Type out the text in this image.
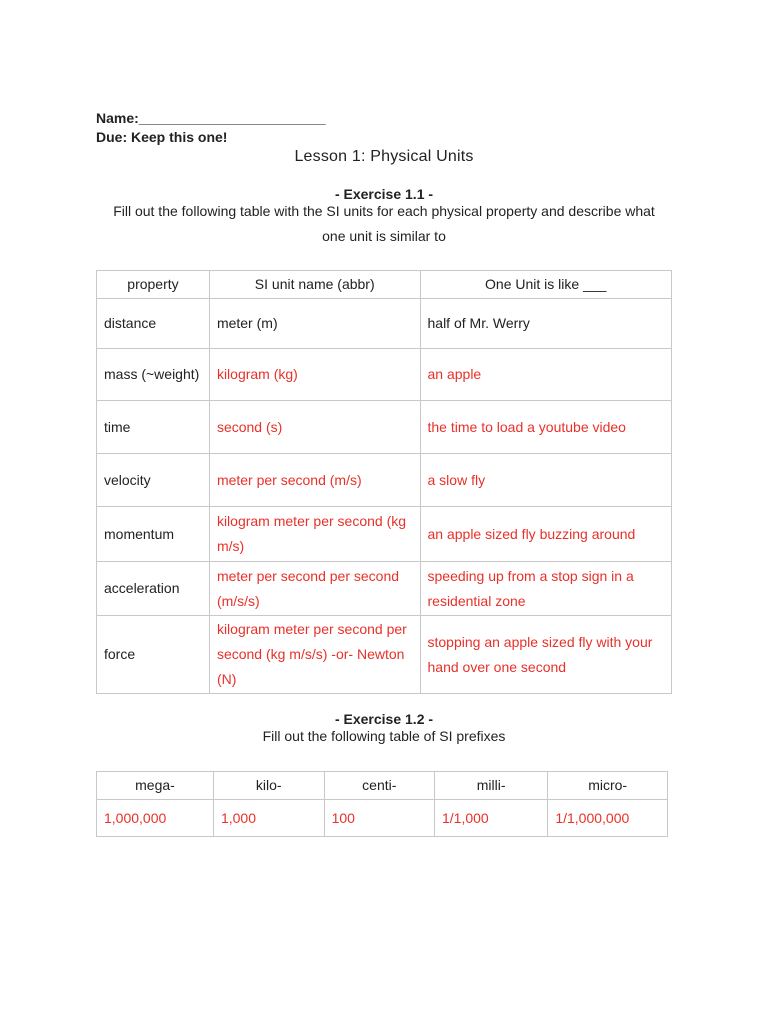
Name:________________________
Due: Keep this one!
Lesson 1: Physical Units
- Exercise 1.1 -
Fill out the following table with the SI units for each physical property and describe what
one unit is similar to
property	SI unit name (abbr)	One Unit is like ___
distance	meter (m)	half of Mr. Werry
mass (~weight)	kilogram (kg)	an apple
time	second (s)	the time to load a youtube video
velocity	meter per second (m/s)	a slow fly
momentum	kilogram meter per second (kg m/s)	an apple sized fly buzzing around
acceleration	meter per second per second (m/s/s)	speeding up from a stop sign in a residential zone
force	kilogram meter per second per second (kg m/s/s) -or- Newton (N)	stopping an apple sized fly with your hand over one second
- Exercise 1.2 -
Fill out the following table of SI prefixes
mega-	kilo-	centi-	milli-	micro-
1,000,000	1,000	100	1/1,000	1/1,000,000
